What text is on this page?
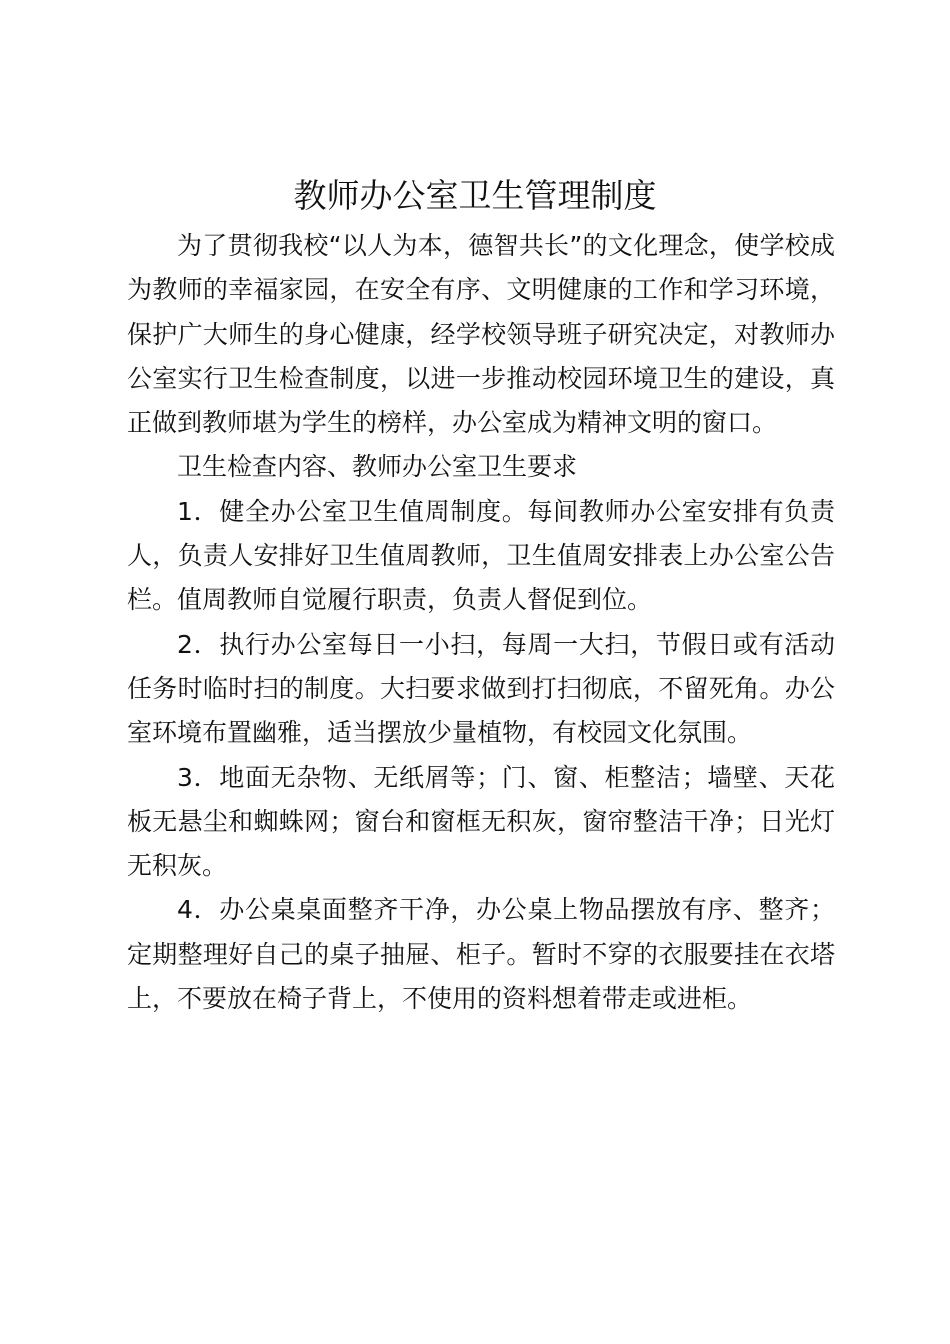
教师办公室卫生管理制度

为了贯彻我校“以人为本，德智共长”的文化理念，使学校成为教师的幸福家园，在安全有序、文明健康的工作和学习环境，保护广大师生的身心健康，经学校领导班子研究决定，对教师办公室实行卫生检查制度，以进一步推动校园环境卫生的建设，真正做到教师堪为学生的榜样，办公室成为精神文明的窗口。

卫生检查内容、教师办公室卫生要求

1．健全办公室卫生值周制度。每间教师办公室安排有负责人，负责人安排好卫生值周教师，卫生值周安排表上办公室公告栏。值周教师自觉履行职责，负责人督促到位。

2．执行办公室每日一小扫，每周一大扫，节假日或有活动任务时临时扫的制度。大扫要求做到打扫彻底，不留死角。办公室环境布置幽雅，适当摆放少量植物，有校园文化氛围。

3．地面无杂物、无纸屑等；门、窗、柜整洁；墙壁、天花板无悬尘和蜘蛛网；窗台和窗框无积灰，窗帘整洁干净；日光灯无积灰。

4．办公桌桌面整齐干净，办公桌上物品摆放有序、整齐；定期整理好自己的桌子抽屉、柜子。暂时不穿的衣服要挂在衣塔上，不要放在椅子背上，不使用的资料想着带走或进柜。
